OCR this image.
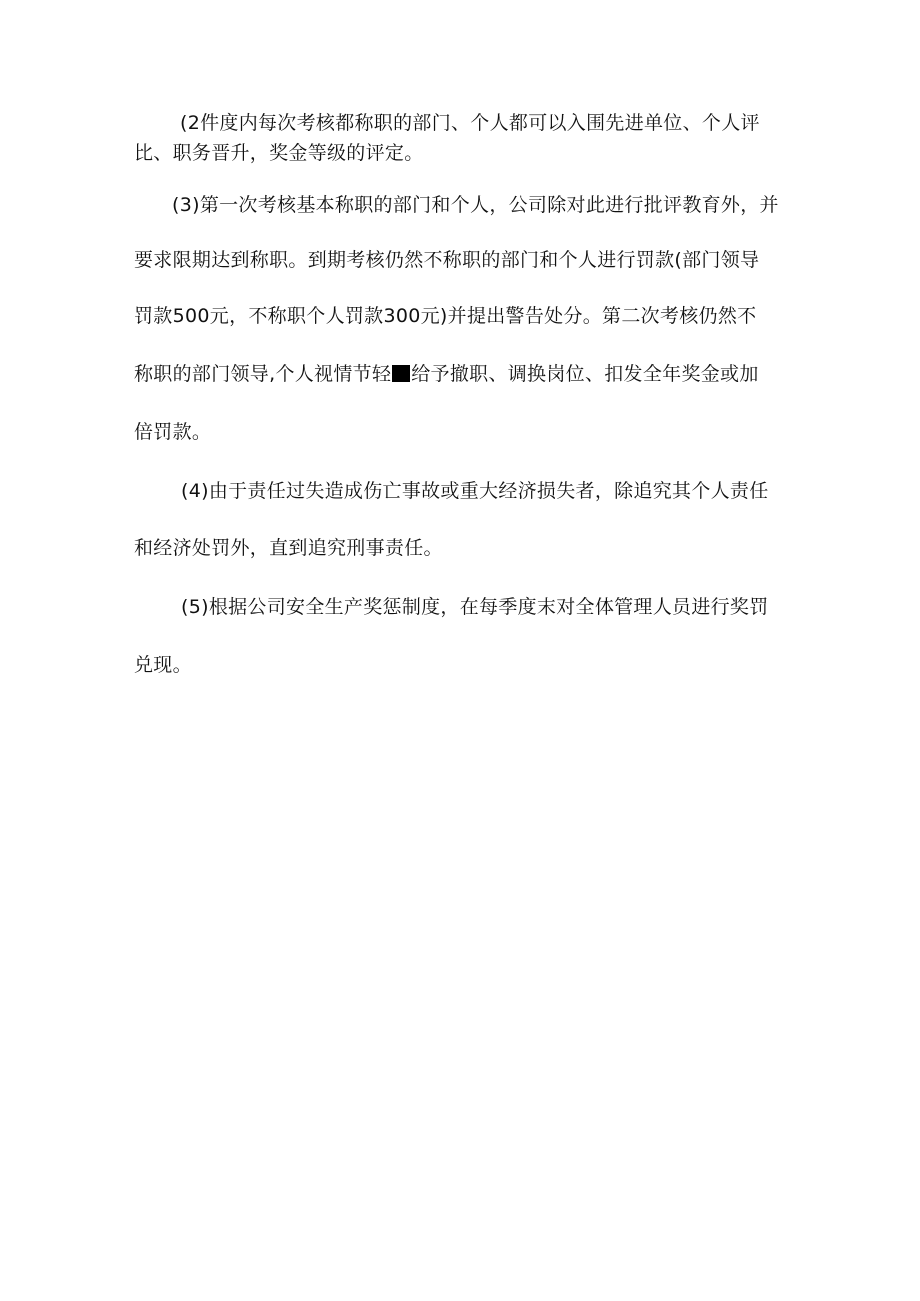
(2件度内每次考核都称职的部门、个人都可以入围先进单位、个人评
比、职务晋升，奖金等级的评定。
(3)第一次考核基本称职的部门和个人，公司除对此进行批评教育外，并
要求限期达到称职。到期考核仍然不称职的部门和个人进行罚款(部门领导
罚款500元，不称职个人罚款300元)并提出警告处分。第二次考核仍然不
称职的部门领导,个人视情节轻 给予撤职、调换岗位、扣发全年奖金或加
倍罚款。
(4)由于责任过失造成伤亡事故或重大经济损失者，除追究其个人责任
和经济处罚外，直到追究刑事责任。
(5)根据公司安全生产奖惩制度，在每季度末对全体管理人员进行奖罚
兑现。
